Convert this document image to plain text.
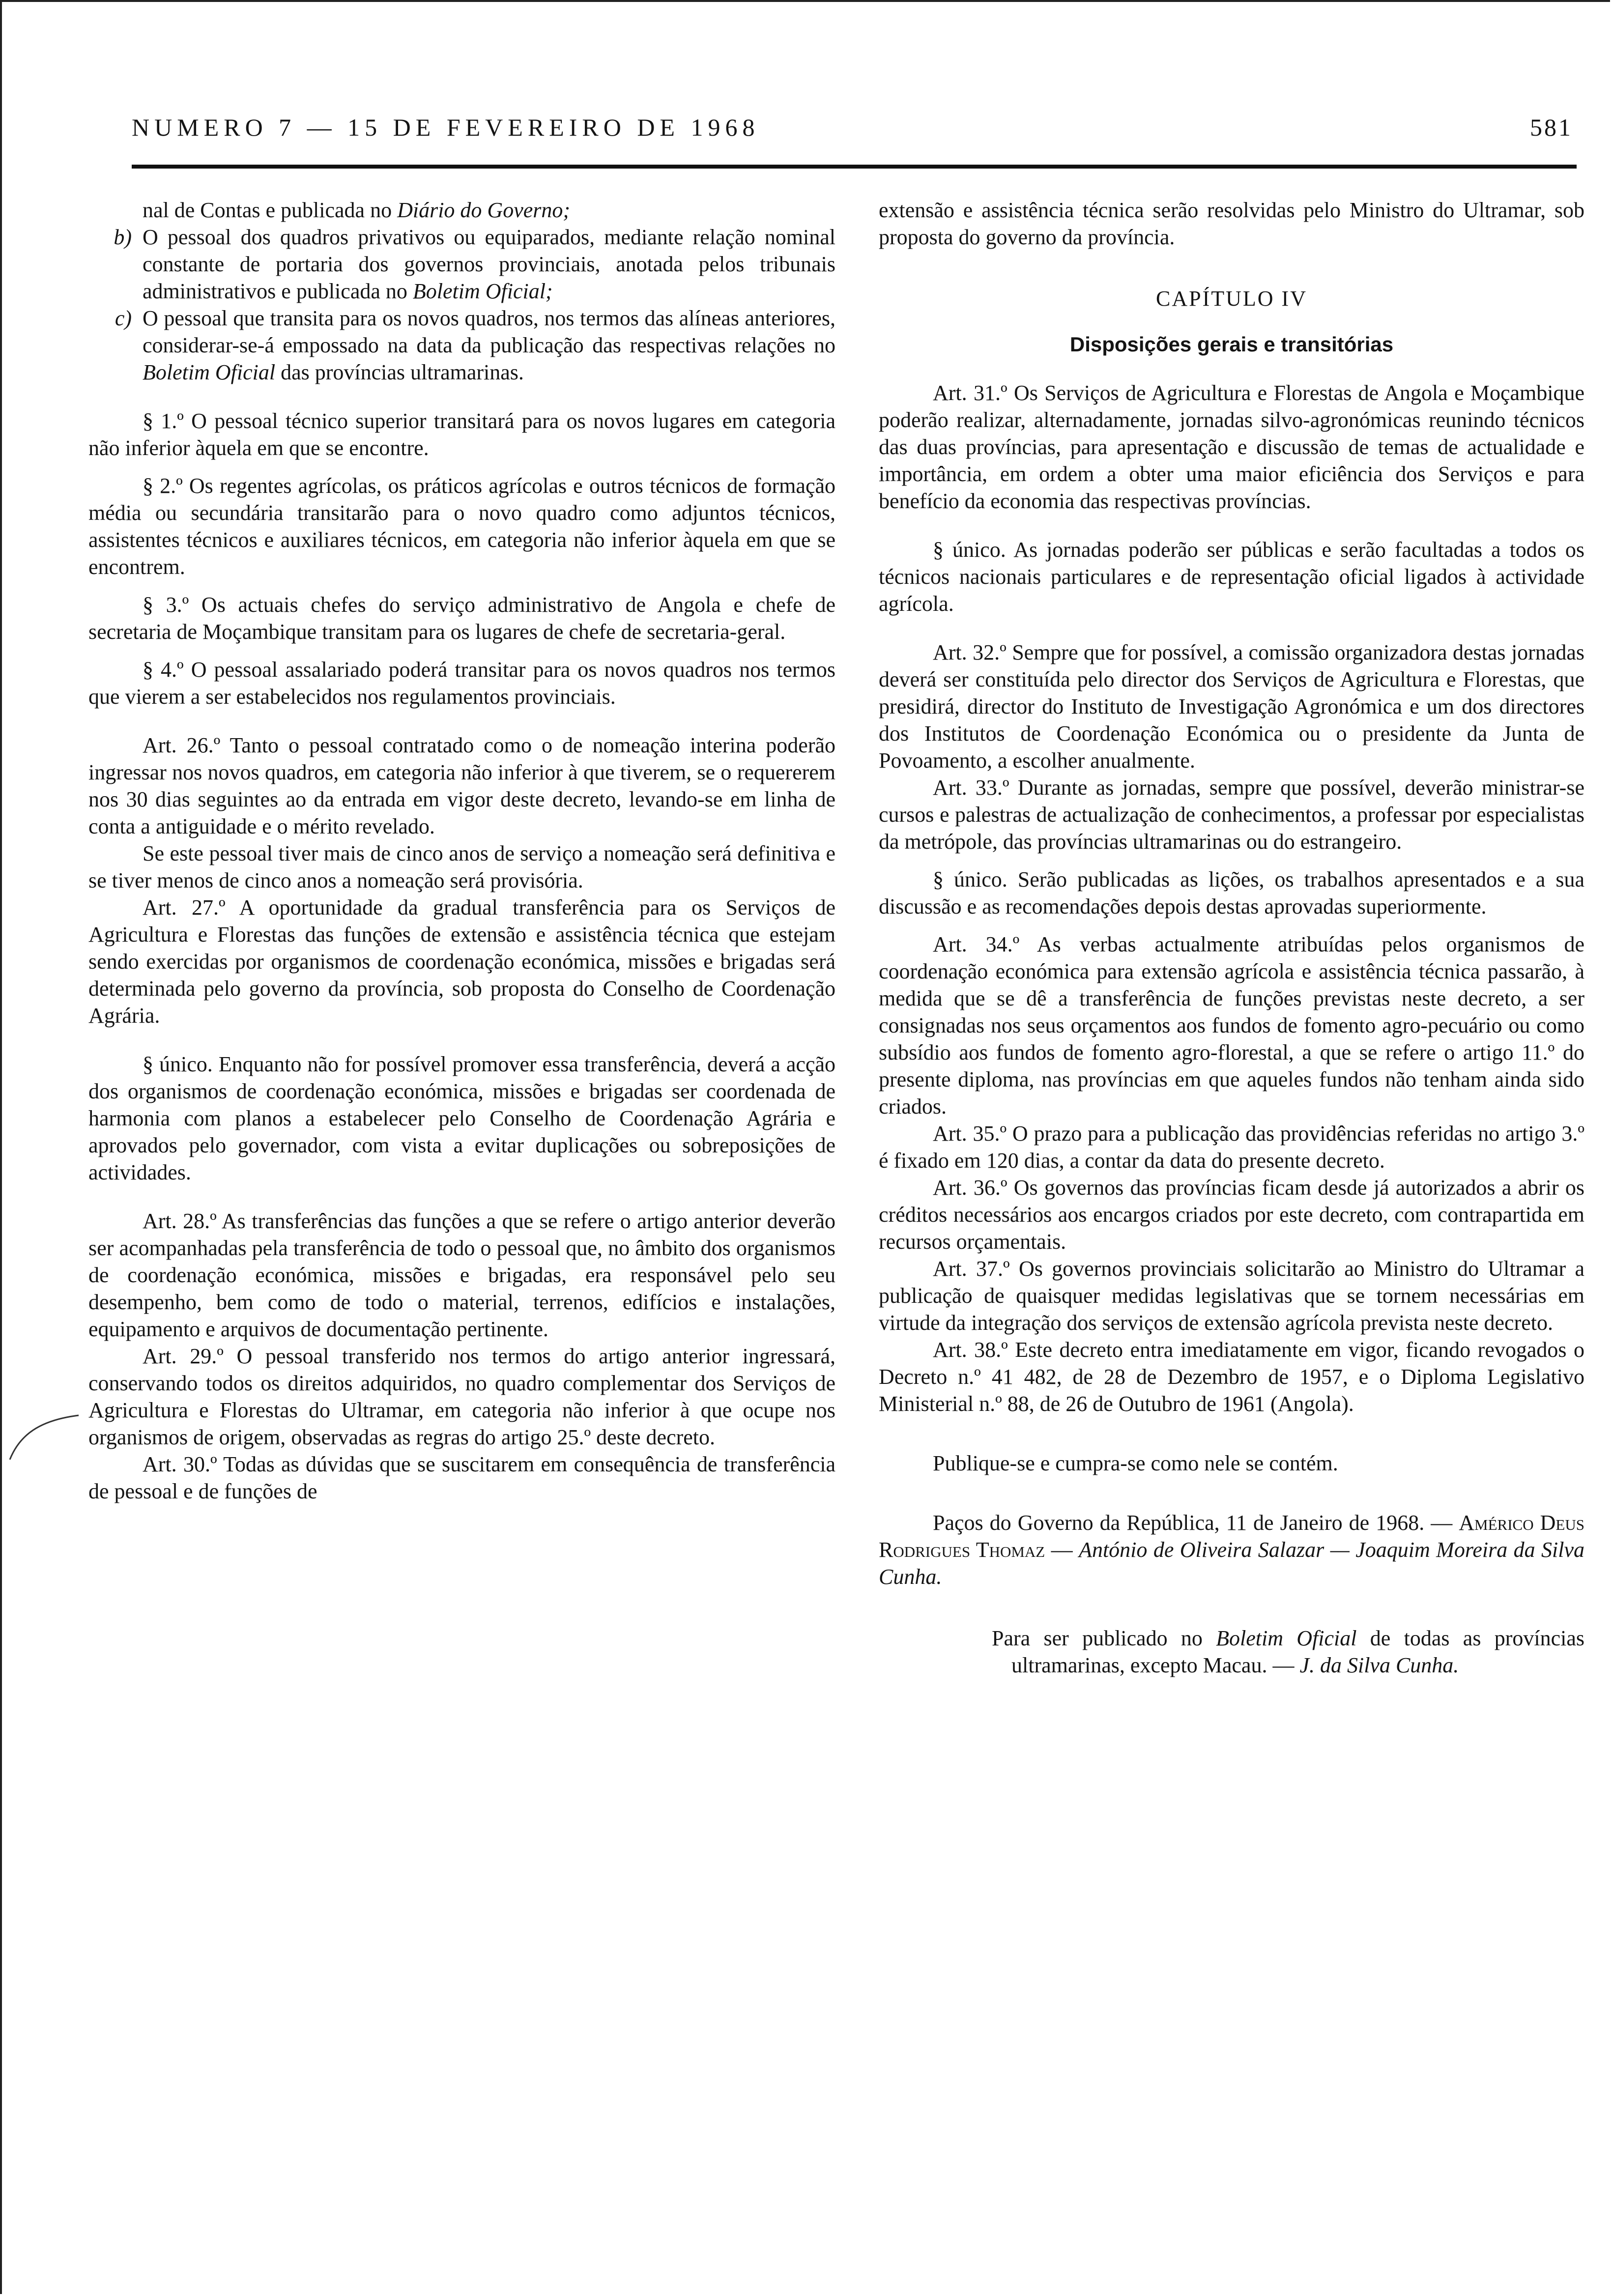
NUMERO 7 — 15 DE FEVEREIRO DE 1968	581
nal de Contas e publicada no Diário do Governo;
b) O pessoal dos quadros privativos ou equiparados, mediante relação nominal constante de portaria dos governos provinciais, anotada pelos tribunais administrativos e publicada no Boletim Oficial;
c) O pessoal que transita para os novos quadros, nos termos das alíneas anteriores, considerar-se-á empossado na data da publicação das respectivas relações no Boletim Oficial das províncias ultramarinas.

§ 1.º O pessoal técnico superior transitará para os novos lugares em categoria não inferior àquela em que se encontre.

§ 2.º Os regentes agrícolas, os práticos agrícolas e outros técnicos de formação média ou secundária transitarão para o novo quadro como adjuntos técnicos, assistentes técnicos e auxiliares técnicos, em categoria não inferior àquela em que se encontrem.

§ 3.º Os actuais chefes do serviço administrativo de Angola e chefe de secretaria de Moçambique transitam para os lugares de chefe de secretaria-geral.

§ 4.º O pessoal assalariado poderá transitar para os novos quadros nos termos que vierem a ser estabelecidos nos regulamentos provinciais.

Art. 26.º Tanto o pessoal contratado como o de nomeação interina poderão ingressar nos novos quadros, em categoria não inferior à que tiverem, se o requererem nos 30 dias seguintes ao da entrada em vigor deste decreto, levando-se em linha de conta a antiguidade e o mérito revelado.

Se este pessoal tiver mais de cinco anos de serviço a nomeação será definitiva e se tiver menos de cinco anos a nomeação será provisória.

Art. 27.º A oportunidade da gradual transferência para os Serviços de Agricultura e Florestas das funções de extensão e assistência técnica que estejam sendo exercidas por organismos de coordenação económica, missões e brigadas será determinada pelo governo da província, sob proposta do Conselho de Coordenação Agrária.

§ único. Enquanto não for possível promover essa transferência, deverá a acção dos organismos de coordenação económica, missões e brigadas ser coordenada de harmonia com planos a estabelecer pelo Conselho de Coordenação Agrária e aprovados pelo governador, com vista a evitar duplicações ou sobreposições de actividades.

Art. 28.º As transferências das funções a que se refere o artigo anterior deverão ser acompanhadas pela transferência de todo o pessoal que, no âmbito dos organismos de coordenação económica, missões e brigadas, era responsável pelo seu desempenho, bem como de todo o material, terrenos, edifícios e instalações, equipamento e arquivos de documentação pertinente.

Art. 29.º O pessoal transferido nos termos do artigo anterior ingressará, conservando todos os direitos adquiridos, no quadro complementar dos Serviços de Agricultura e Florestas do Ultramar, em categoria não inferior à que ocupe nos organismos de origem, observadas as regras do artigo 25.º deste decreto.

Art. 30.º Todas as dúvidas que se suscitarem em consequência de transferência de pessoal e de funções de

extensão e assistência técnica serão resolvidas pelo Ministro do Ultramar, sob proposta do governo da província.

CAPÍTULO IV

Disposições gerais e transitórias

Art. 31.º Os Serviços de Agricultura e Florestas de Angola e Moçambique poderão realizar, alternadamente, jornadas silvo-agronómicas reunindo técnicos das duas províncias, para apresentação e discussão de temas de actualidade e importância, em ordem a obter uma maior eficiência dos Serviços e para benefício da economia das respectivas províncias.

§ único. As jornadas poderão ser públicas e serão facultadas a todos os técnicos nacionais particulares e de representação oficial ligados à actividade agrícola.

Art. 32.º Sempre que for possível, a comissão organizadora destas jornadas deverá ser constituída pelo director dos Serviços de Agricultura e Florestas, que presidirá, director do Instituto de Investigação Agronómica e um dos directores dos Institutos de Coordenação Económica ou o presidente da Junta de Povoamento, a escolher anualmente.

Art. 33.º Durante as jornadas, sempre que possível, deverão ministrar-se cursos e palestras de actualização de conhecimentos, a professar por especialistas da metrópole, das províncias ultramarinas ou do estrangeiro.

§ único. Serão publicadas as lições, os trabalhos apresentados e a sua discussão e as recomendações depois destas aprovadas superiormente.

Art. 34.º As verbas actualmente atribuídas pelos organismos de coordenação económica para extensão agrícola e assistência técnica passarão, à medida que se dê a transferência de funções previstas neste decreto, a ser consignadas nos seus orçamentos aos fundos de fomento agro-pecuário ou como subsídio aos fundos de fomento agro-florestal, a que se refere o artigo 11.º do presente diploma, nas províncias em que aqueles fundos não tenham ainda sido criados.

Art. 35.º O prazo para a publicação das providências referidas no artigo 3.º é fixado em 120 dias, a contar da data do presente decreto.

Art. 36.º Os governos das províncias ficam desde já autorizados a abrir os créditos necessários aos encargos criados por este decreto, com contrapartida em recursos orçamentais.

Art. 37.º Os governos provinciais solicitarão ao Ministro do Ultramar a publicação de quaisquer medidas legislativas que se tornem necessárias em virtude da integração dos serviços de extensão agrícola prevista neste decreto.

Art. 38.º Este decreto entra imediatamente em vigor, ficando revogados o Decreto n.º 41 482, de 28 de Dezembro de 1957, e o Diploma Legislativo Ministerial n.º 88, de 26 de Outubro de 1961 (Angola).

Publique-se e cumpra-se como nele se contém.

Paços do Governo da República, 11 de Janeiro de 1968. — Américo Deus Rodrigues Thomaz — António de Oliveira Salazar — Joaquim Moreira da Silva Cunha.

Para ser publicado no Boletim Oficial de todas as províncias ultramarinas, excepto Macau. — J. da Silva Cunha.
